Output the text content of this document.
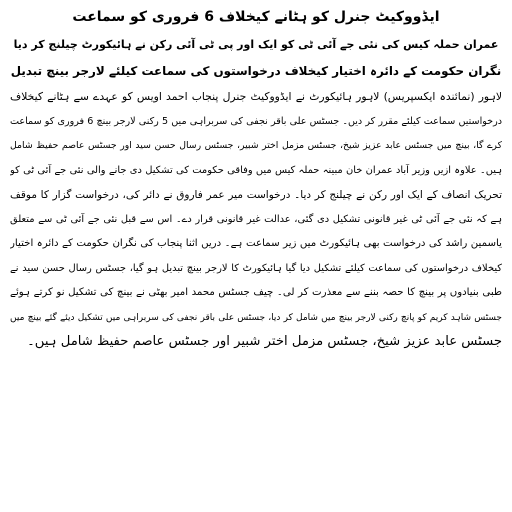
ایڈووکیٹ جنرل کو ہٹانے کیخلاف 6 فروری کو سماعت
عمران حملہ کیس کی نئی جے آئی ٹی کو ایک اور پی ٹی آئی رکن نے ہائیکورٹ چیلنج کر دیا
نگران حکومت کے دائرہ اختیار کیخلاف درخواستوں کی سماعت کیلئے لارجر بینچ تبدیل
لاہور (نمائندہ ایکسپریس) لاہور ہائیکورٹ نے ایڈووکیٹ جنرل پنجاب احمد اویس کو عہدے سے ہٹانے کیخلاف
درخواستیں سماعت کیلئے مقرر کر دیں۔ جسٹس علی باقر نجفی کی سربراہی میں 5 رکنی لارجر بینچ 6 فروری کو سماعت
کرے گا، بینچ میں جسٹس عابد عزیز شیخ، جسٹس مزمل اختر شبیر، جسٹس رسال حسن سید اور جسٹس عاصم حفیظ شامل
ہیں۔ علاوہ ازیں وزیر آباد عمران خان مبینہ حملہ کیس میں وفاقی حکومت کی تشکیل دی جانے والی نئی جے آئی ٹی کو
تحریک انصاف کے ایک اور رکن نے چیلنج کر دیا۔ درخواست میر عمر فاروق نے دائر کی، درخواست گزار کا موقف
ہے کہ نئی جے آئی ٹی غیر قانونی تشکیل دی گئی، عدالت غیر قانونی قرار دے۔ اس سے قبل نئی جے آئی ٹی سے متعلق
یاسمین راشد کی درخواست بھی ہائیکورٹ میں زیر سماعت ہے۔ دریں اثنا پنجاب کی نگران حکومت کے دائرہ اختیار
کیخلاف درخواستوں کی سماعت کیلئے تشکیل دیا گیا ہائیکورٹ کا لارجر بینچ تبدیل ہو گیا، جسٹس رسال حسن سید نے
طبی بنیادوں پر بینچ کا حصہ بننے سے معذرت کر لی۔ چیف جسٹس محمد امیر بھٹی نے بینچ کی تشکیل نو کرتے ہوئے
جسٹس شاہد کریم کو پانچ رکنی لارجر بینچ میں شامل کر دیا، جسٹس علی باقر نجفی کی سربراہی میں تشکیل دیئے گئے بینچ میں
جسٹس عابد عزیز شیخ، جسٹس مزمل اختر شبیر اور جسٹس عاصم حفیظ شامل ہیں۔
